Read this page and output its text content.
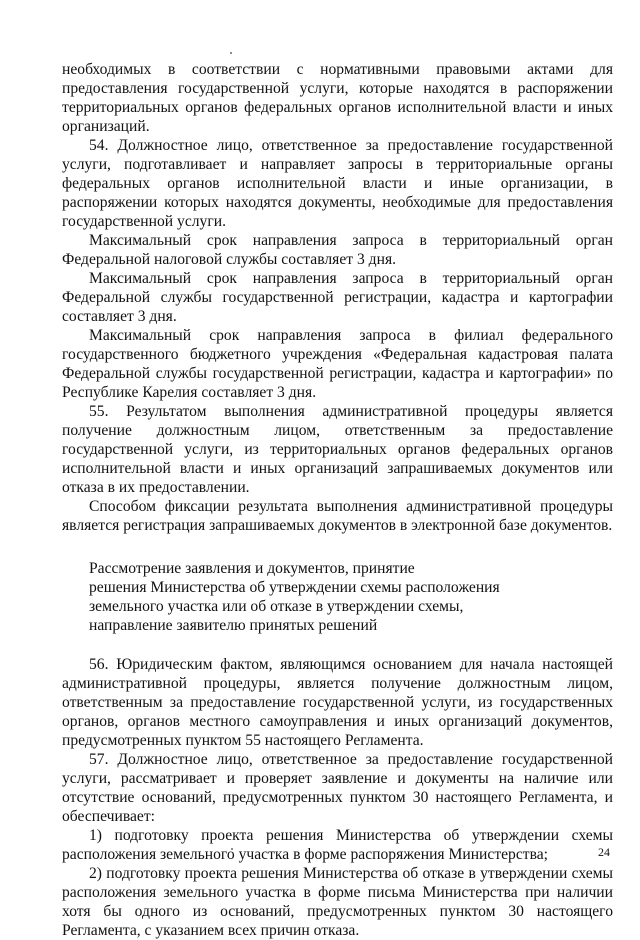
необходимых в соответствии с нормативными правовыми актами для предоставления государственной услуги, которые находятся в распоряжении территориальных органов федеральных органов исполнительной власти и иных организаций.

54. Должностное лицо, ответственное за предоставление государственной услуги, подготавливает и направляет запросы в территориальные органы федеральных органов исполнительной власти и иные организации, в распоряжении которых находятся документы, необходимые для предоставления государственной услуги.

Максимальный срок направления запроса в территориальный орган Федеральной налоговой службы составляет 3 дня.

Максимальный срок направления запроса в территориальный орган Федеральной службы государственной регистрации, кадастра и картографии составляет 3 дня.

Максимальный срок направления запроса в филиал федерального государственного бюджетного учреждения «Федеральная кадастровая палата Федеральной службы государственной регистрации, кадастра и картографии» по Республике Карелия составляет 3 дня.

55. Результатом выполнения административной процедуры является получение должностным лицом, ответственным за предоставление государственной услуги, из территориальных органов федеральных органов исполнительной власти и иных организаций запрашиваемых документов или отказа в их предоставлении.

Способом фиксации результата выполнения административной процедуры является регистрация запрашиваемых документов в электронной базе документов.

Рассмотрение заявления и документов, принятие

решения Министерства об утверждении схемы расположения

земельного участка или об отказе в утверждении схемы,

направление заявителю принятых решений

56. Юридическим фактом, являющимся основанием для начала настоящей административной процедуры, является получение должностным лицом, ответственным за предоставление государственной услуги, из государственных органов, органов местного самоуправления и иных организаций документов, предусмотренных пунктом 55 настоящего Регламента.

57. Должностное лицо, ответственное за предоставление государственной услуги, рассматривает и проверяет заявление и документы на наличие или отсутствие оснований, предусмотренных пунктом 30 настоящего Регламента, и обеспечивает:

1) подготовку проекта решения Министерства об утверждении схемы расположения земельного участка в форме распоряжения Министерства;

2) подготовку проекта решения Министерства об отказе в утверждении схемы расположения земельного участка в форме письма Министерства при наличии хотя бы одного из оснований, предусмотренных пунктом 30 настоящего Регламента, с указанием всех причин отказа.

24
